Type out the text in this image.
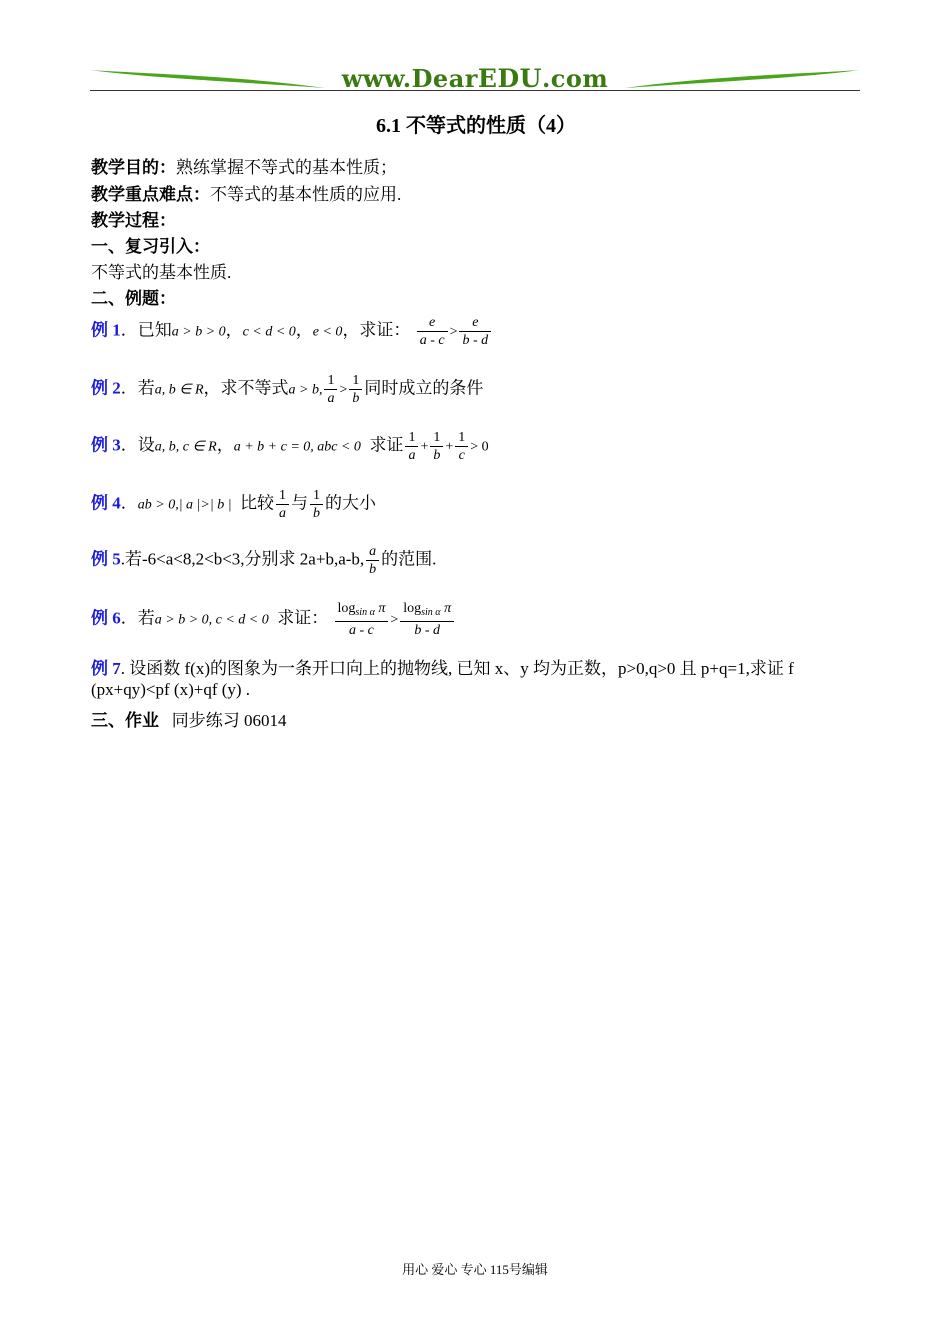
www.DearEDU.com
6.1 不等式的性质（4）
教学目的：熟练掌握不等式的基本性质；
教学重点难点：不等式的基本性质的应用.
教学过程：
一、复习引入：
不等式的基本性质.
二、例题：
例 1．已知a > b > 0，c < d < 0，e < 0，求证： $\frac{e}{a - c} > \frac{e}{b - d}$
例 2．若a, b ∈ R，求不等式a > b, $\frac{1}{a} > \frac{1}{b}$ 同时成立的条件
例 3．设a, b, c ∈ R，a + b + c = 0, abc < 0 求证 $\frac{1}{a} + \frac{1}{b} + \frac{1}{c} > 0$
例 4．ab > 0,| a |>| b | 比较 $\frac{1}{a}$ 与 $\frac{1}{b}$ 的大小
例 5.若-6<a<8,2<b<3,分别求 2a+b,a-b, $\frac{a}{b}$ 的范围.
例 6．若a > b > 0, c < d < 0 求证： $\frac{\log_{sin \alpha} \pi}{a - c} > \frac{\log_{sin \alpha} \pi}{b - d}$
例 7. 设函数 f(x)的图象为一条开口向上的抛物线, 已知 x、y 均为正数，p>0,q>0 且 p+q=1,求证 f
(px+qy)<pf (x)+qf (y) .
三、作业 同步练习 06014
用心 爱心 专心 115号编辑
